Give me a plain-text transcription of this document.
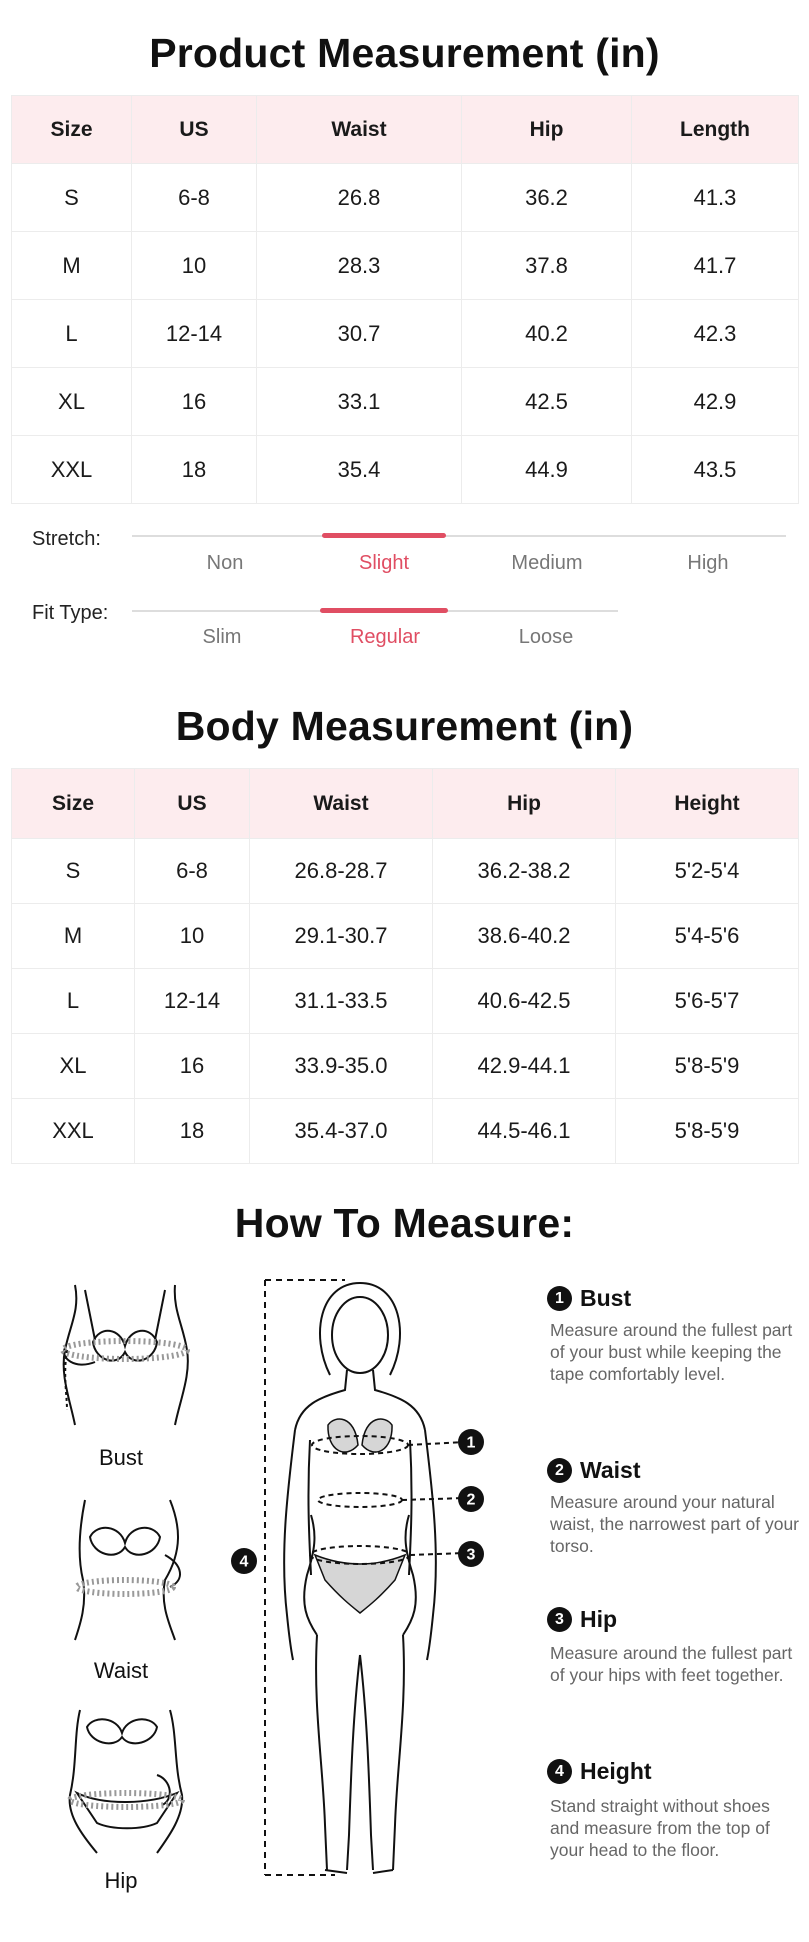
Product Measurement (in)
Size	US	Waist	Hip	Length
S	6-8	26.8	36.2	41.3
M	10	28.3	37.8	41.7
L	12-14	30.7	40.2	42.3
XL	16	33.1	42.5	42.9
XXL	18	35.4	44.9	43.5
Stretch:
Non	Slight	Medium	High
Fit Type:
Slim	Regular	Loose
Body Measurement (in)
Size	US	Waist	Hip	Height
S	6-8	26.8-28.7	36.2-38.2	5'2-5'4
M	10	29.1-30.7	38.6-40.2	5'4-5'6
L	12-14	31.1-33.5	40.6-42.5	5'6-5'7
XL	16	33.9-35.0	42.9-44.1	5'8-5'9
XXL	18	35.4-37.0	44.5-46.1	5'8-5'9
How To Measure:
Bust
Waist
Hip
1
2
3
4
1 Bust
Measure around the fullest part of your bust while keeping the tape comfortably level.
2 Waist
Measure around your natural waist, the narrowest part of your torso.
3 Hip
Measure around the fullest part of your hips with feet together.
4 Height
Stand straight without shoes and measure from the top of your head to the floor.
